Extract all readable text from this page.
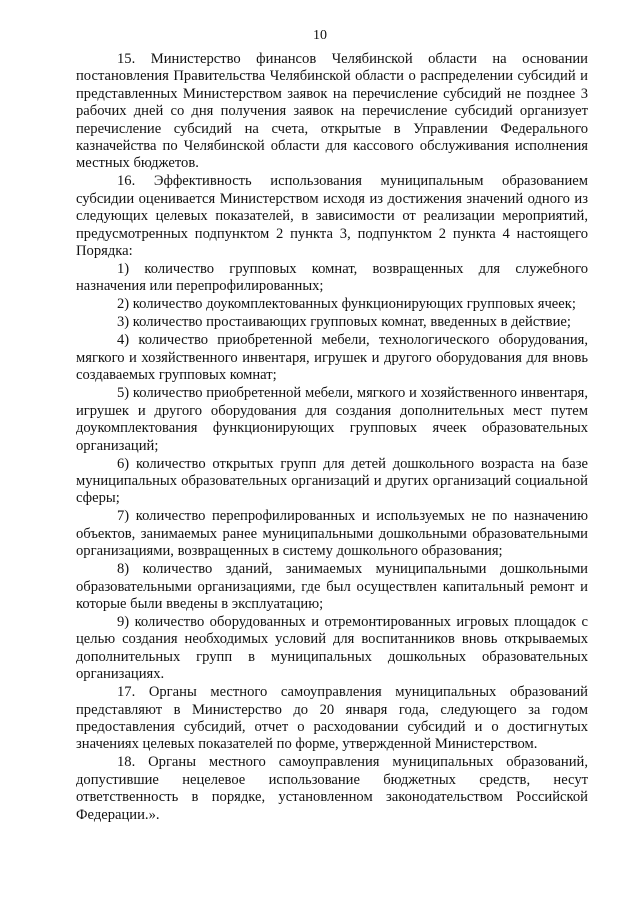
10

15. Министерство финансов Челябинской области на основании постановления Правительства Челябинской области о распределении субсидий и представленных Министерством заявок на перечисление субсидий не позднее 3 рабочих дней со дня получения заявок на перечисление субсидий организует перечисление субсидий на счета, открытые в Управлении Федерального казначейства по Челябинской области для кассового обслуживания исполнения местных бюджетов.

16. Эффективность использования муниципальным образованием субсидии оценивается Министерством исходя из достижения значений одного из следующих целевых показателей, в зависимости от реализации мероприятий, предусмотренных подпунктом 2 пункта 3, подпунктом 2 пункта 4 настоящего Порядка:

1) количество групповых комнат, возвращенных для служебного назначения или перепрофилированных;

2) количество доукомплектованных функционирующих групповых ячеек;

3) количество простаивающих групповых комнат, введенных в действие;

4) количество приобретенной мебели, технологического оборудования, мягкого и хозяйственного инвентаря, игрушек и другого оборудования для вновь создаваемых групповых комнат;

5) количество приобретенной мебели, мягкого и хозяйственного инвентаря, игрушек и другого оборудования для создания дополнительных мест путем доукомплектования функционирующих групповых ячеек образовательных организаций;

6) количество открытых групп для детей дошкольного возраста на базе муниципальных образовательных организаций и других организаций социальной сферы;

7) количество перепрофилированных и используемых не по назначению объектов, занимаемых ранее муниципальными дошкольными образовательными организациями, возвращенных в систему дошкольного образования;

8) количество зданий, занимаемых муниципальными дошкольными образовательными организациями, где был осуществлен капитальный ремонт и которые были введены в эксплуатацию;

9) количество оборудованных и отремонтированных игровых площадок с целью создания необходимых условий для воспитанников вновь открываемых дополнительных групп в муниципальных дошкольных образовательных организациях.

17. Органы местного самоуправления муниципальных образований представляют в Министерство до 20 января года, следующего за годом предоставления субсидий, отчет о расходовании субсидий и о достигнутых значениях целевых показателей по форме, утвержденной Министерством.

18. Органы местного самоуправления муниципальных образований, допустившие нецелевое использование бюджетных средств, несут ответственность в порядке, установленном законодательством Российской Федерации.».
